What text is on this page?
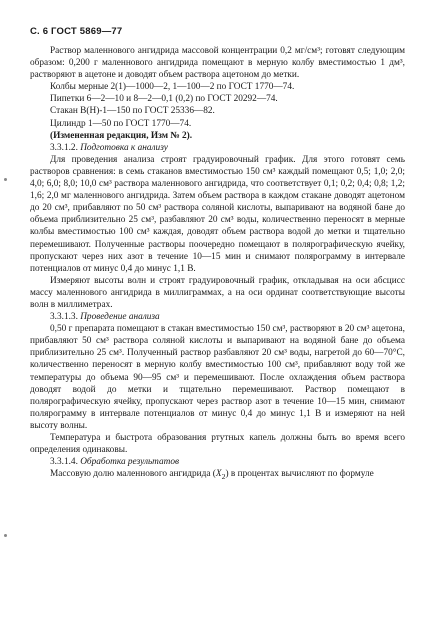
С. 6 ГОСТ 5869—77

Раствор маленнового ангидрида массовой концентрации 0,2 мг/см³; готовят следующим образом: 0,200 г маленнового ангидрида помещают в мерную колбу вместимостью 1 дм³, растворяют в ацетоне и доводят объем раствора ацетоном до метки.

Колбы мерные 2(1)—1000—2, 1—100—2 по ГОСТ 1770—74.

Пипетки 6—2—10 и 8—2—0,1 (0,2) по ГОСТ 20292—74.

Стакан В(Н)-1—150 по ГОСТ 25336—82.

Цилиндр 1—50 по ГОСТ 1770—74.

(Измененная редакция, Изм № 2).

3.3.1.2. Подготовка к анализу

Для проведения анализа строят градуировочный график. Для этого готовят семь растворов сравнения: в семь стаканов вместимостью 150 см³ каждый помещают 0,5; 1,0; 2,0; 4,0; 6,0; 8,0; 10,0 см³ раствора маленнового ангидрида, что соответствует 0,1; 0,2; 0,4; 0,8; 1,2; 1,6; 2,0 мг маленнового ангидрида. Затем объем раствора в каждом стакане доводят ацетоном до 20 см³, прибавляют по 50 см³ раствора соляной кислоты, выпаривают на водяной бане до объема приблизительно 25 см³, разбавляют 20 см³ воды, количественно переносят в мерные колбы вместимостью 100 см³ каждая, доводят объем раствора водой до метки и тщательно перемешивают. Полученные растворы поочередно помещают в полярографическую ячейку, пропускают через них азот в течение 10—15 мин и снимают полярограмму в интервале потенциалов от минус 0,4 до минус 1,1 В.

Измеряют высоты волн и строят градуировочный график, откладывая на оси абсцисс массу маленнового ангидрида в миллиграммах, а на оси ординат соответствующие высоты волн в миллиметрах.

3.3.1.3. Проведение анализа

0,50 г препарата помещают в стакан вместимостью 150 см³, растворяют в 20 см³ ацетона, прибавляют 50 см³ раствора соляной кислоты и выпаривают на водяной бане до объема приблизительно 25 см³. Полученный раствор разбавляют 20 см³ воды, нагретой до 60—70°С, количественно переносят в мерную колбу вместимостью 100 см³, прибавляют воду той же температуры до объема 90—95 см³ и перемешивают. После охлаждения объем раствора доводят водой до метки и тщательно перемешивают. Раствор помещают в полярографическую ячейку, пропускают через раствор азот в течение 10—15 мин, снимают полярограмму в интервале потенциалов от минус 0,4 до минус 1,1 В и измеряют на ней высоту волны.

Температура и быстрота образования ртутных капель должны быть во время всего определения одинаковы.

3.3.1.4. Обработка результатов

Массовую долю маленнового ангидрида $(X_2)$ в процентах вычисляют по формуле
